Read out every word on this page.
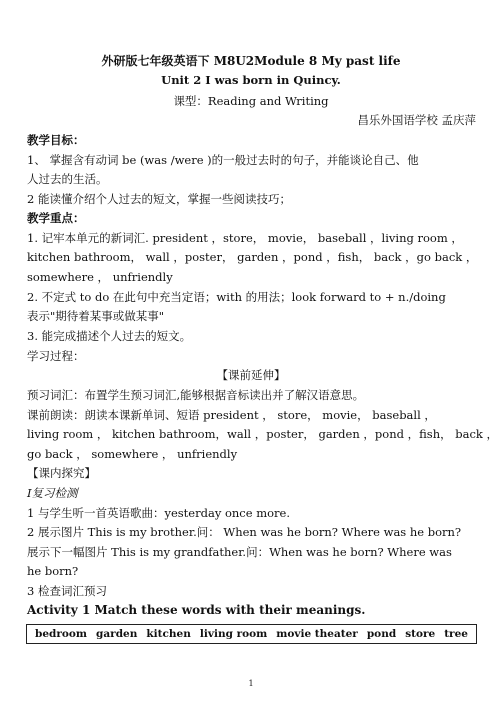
外研版七年级英语下 M8U2Module 8 My past life
Unit 2 I was born in Quincy.
课型：Reading and Writing
昌乐外国语学校 孟庆萍
教学目标：
1、 掌握含有动词 be (was /were )的一般过去时的句子，并能谈论自己、他
人过去的生活。
2 能读懂介绍个人过去的短文，掌握一些阅读技巧；
教学重点：
1. 记牢本单元的新词汇. president ，store， movie， baseball ，living room ，
kitchen bathroom， wall ，poster， garden ，pond ，fish， back ，go back ，
somewhere ， unfriendly
2. 不定式 to do 在此句中充当定语；with 的用法；look forward to + n./doing
表示"期待着某事或做某事"
3. 能完成描述个人过去的短文。
学习过程：
【课前延伸】
预习词汇：布置学生预习词汇,能够根据音标读出并了解汉语意思。
课前朗读：朗读本课新单词、短语 president ， store， movie， baseball ，
living room ， kitchen bathroom，wall ，poster， garden ，pond ，fish， back ，
go back ， somewhere ， unfriendly
【课内探究】
Ⅰ复习检测
1 与学生听一首英语歌曲：yesterday once more.
2 展示图片 This is my brother.问： When was he born? Where was he born?
展示下一幅图片 This is my grandfather.问：When was he born? Where was
he born?
3 检查词汇预习
Activity 1 Match these words with their meanings.
bedroom garden kitchen living room movie theater pond store tree
1
